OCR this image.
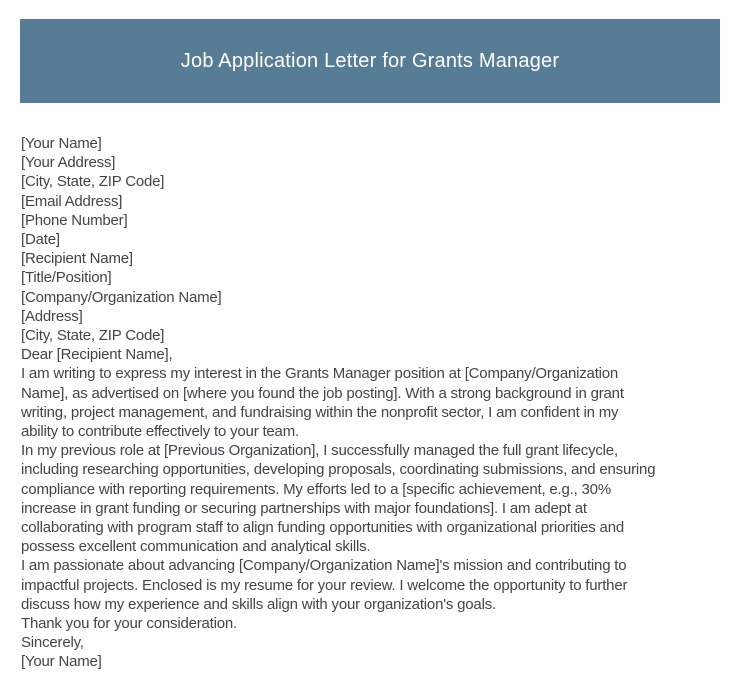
Job Application Letter for Grants Manager

[Your Name]

[Your Address]

[City, State, ZIP Code]

[Email Address]

[Phone Number]

[Date]

[Recipient Name]

[Title/Position]

[Company/Organization Name]

[Address]

[City, State, ZIP Code]

Dear [Recipient Name],

I am writing to express my interest in the Grants Manager position at [Company/Organization

Name], as advertised on [where you found the job posting]. With a strong background in grant

writing, project management, and fundraising within the nonprofit sector, I am confident in my

ability to contribute effectively to your team.

In my previous role at [Previous Organization], I successfully managed the full grant lifecycle,

including researching opportunities, developing proposals, coordinating submissions, and ensuring

compliance with reporting requirements. My efforts led to a [specific achievement, e.g., 30%

increase in grant funding or securing partnerships with major foundations]. I am adept at

collaborating with program staff to align funding opportunities with organizational priorities and

possess excellent communication and analytical skills.

I am passionate about advancing [Company/Organization Name]'s mission and contributing to

impactful projects. Enclosed is my resume for your review. I welcome the opportunity to further

discuss how my experience and skills align with your organization's goals.

Thank you for your consideration.

Sincerely,

[Your Name]
